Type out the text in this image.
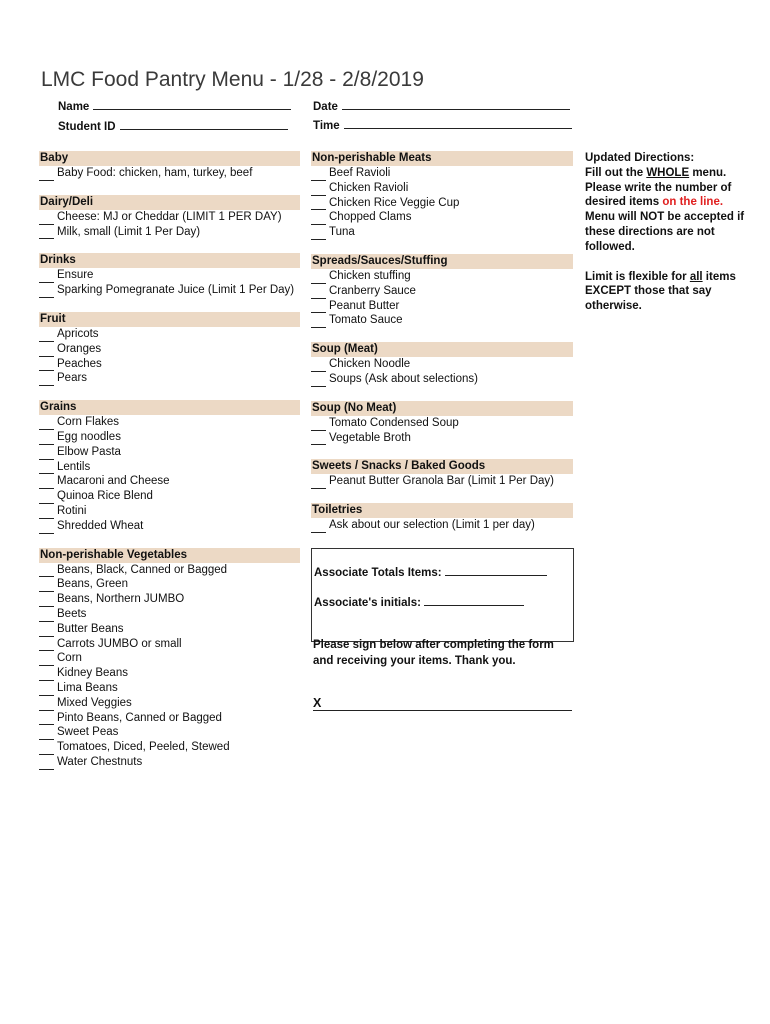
LMC Food Pantry Menu - 1/28 - 2/8/2019
Name
Student ID
Date
Time
Baby
Baby Food: chicken, ham, turkey, beef
Dairy/Deli
Cheese: MJ or Cheddar (LIMIT 1 PER DAY)
Milk, small (Limit 1 Per Day)
Drinks
Ensure
Sparking Pomegranate Juice (Limit 1 Per Day)
Fruit
Apricots
Oranges
Peaches
Pears
Grains
Corn Flakes
Egg noodles
Elbow Pasta
Lentils
Macaroni and Cheese
Quinoa Rice Blend
Rotini
Shredded Wheat
Non-perishable Vegetables
Beans, Black, Canned or Bagged
Beans, Green
Beans, Northern JUMBO
Beets
Butter Beans
Carrots JUMBO or small
Corn
Kidney Beans
Lima Beans
Mixed Veggies
Pinto Beans, Canned or Bagged
Sweet Peas
Tomatoes, Diced, Peeled, Stewed
Water Chestnuts
Non-perishable Meats
Beef Ravioli
Chicken Ravioli
Chicken Rice Veggie Cup
Chopped Clams
Tuna
Spreads/Sauces/Stuffing
Chicken stuffing
Cranberry Sauce
Peanut Butter
Tomato Sauce
Soup (Meat)
Chicken Noodle
Soups (Ask about selections)
Soup (No Meat)
Tomato Condensed Soup
Vegetable Broth
Sweets / Snacks / Baked Goods
Peanut Butter Granola Bar (Limit 1 Per Day)
Toiletries
Ask about our selection (Limit 1 per day)
Updated Directions:
Fill out the WHOLE menu.
Please write the number of
desired items on the line.
Menu will NOT be accepted if these directions are not followed.
Limit is flexible for all items EXCEPT those that say otherwise.
Associate Totals Items:
Associate's initials:
Please sign below after completing the form and receiving your items. Thank you.
X
